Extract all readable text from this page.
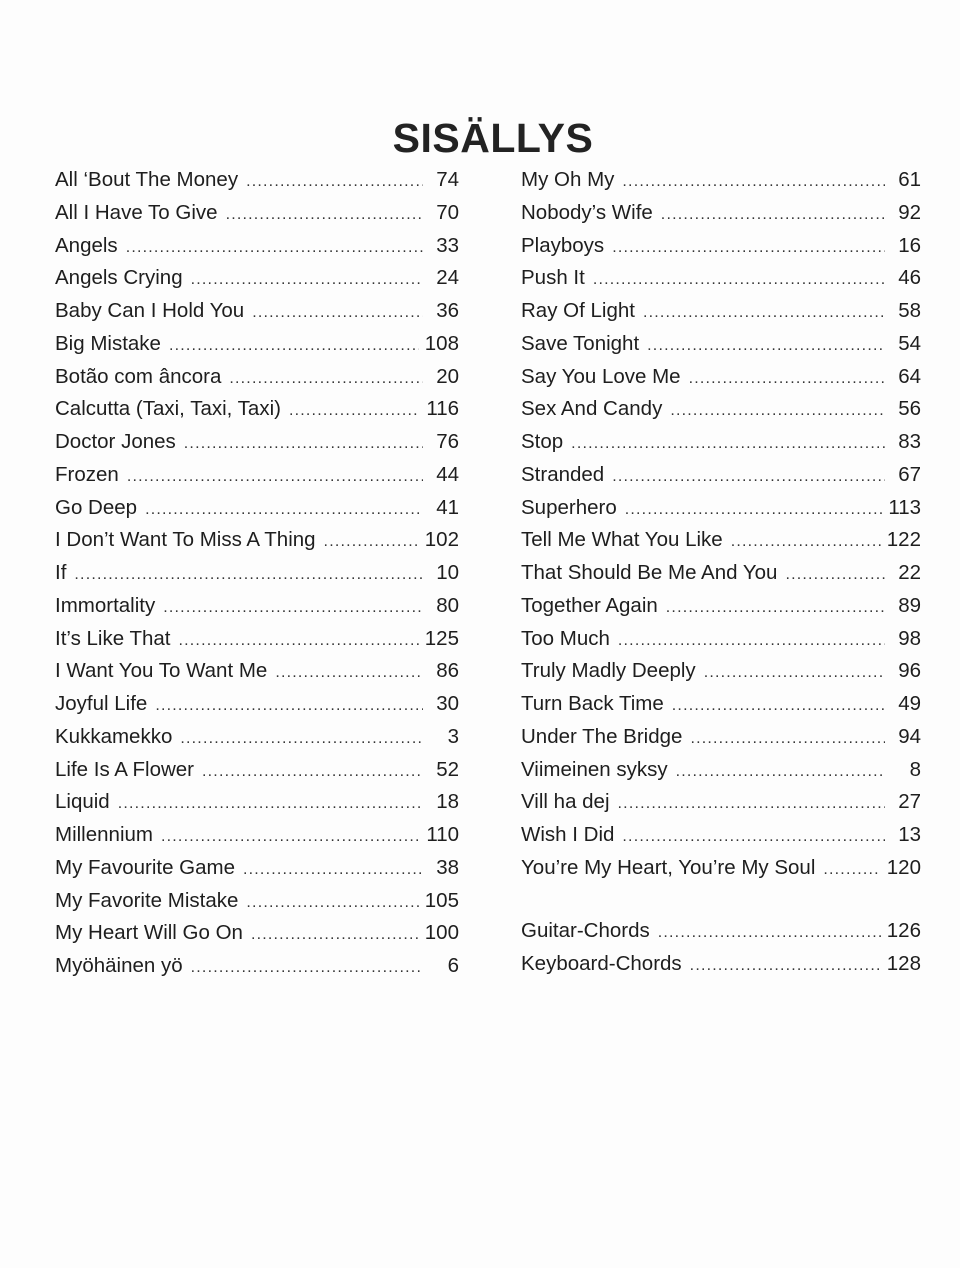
SISÄLLYS
All ‘Bout The Money .....	74
All I Have To Give .....	70
Angels .....	33
Angels Crying .....	24
Baby Can I Hold You .....	36
Big Mistake .....	108
Botão com âncora .....	20
Calcutta (Taxi, Taxi, Taxi) .....	116
Doctor Jones .....	76
Frozen .....	44
Go Deep .....	41
I Don’t Want To Miss A Thing .....	102
If .....	10
Immortality .....	80
It’s Like That .....	125
I Want You To Want Me .....	86
Joyful Life .....	30
Kukkamekko .....	3
Life Is A Flower .....	52
Liquid .....	18
Millennium .....	110
My Favourite Game .....	38
My Favorite Mistake .....	105
My Heart Will Go On .....	100
Myöhäinen yö .....	6
My Oh My .....	61
Nobody’s Wife .....	92
Playboys .....	16
Push It .....	46
Ray Of Light .....	58
Save Tonight .....	54
Say You Love Me .....	64
Sex And Candy .....	56
Stop .....	83
Stranded .....	67
Superhero .....	113
Tell Me What You Like .....	122
That Should Be Me And You .....	22
Together Again .....	89
Too Much .....	98
Truly Madly Deeply .....	96
Turn Back Time .....	49
Under The Bridge .....	94
Viimeinen syksy .....	8
Vill ha dej .....	27
Wish I Did .....	13
You’re My Heart, You’re My Soul .....	120
Guitar-Chords .....	126
Keyboard-Chords .....	128
